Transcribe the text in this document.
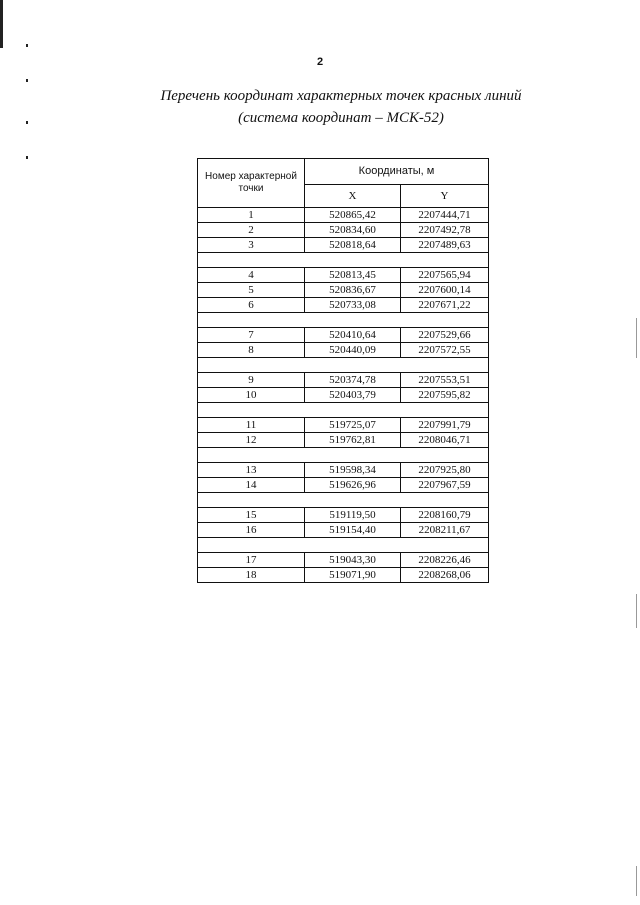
2
Перечень координат характерных точек красных линий
(система координат – МСК-52)
Номер характерной точки	Координаты, м	
	X	Y
1	520865,42	2207444,71
2	520834,60	2207492,78
3	520818,64	2207489,63

4	520813,45	2207565,94
5	520836,67	2207600,14
6	520733,08	2207671,22

7	520410,64	2207529,66
8	520440,09	2207572,55

9	520374,78	2207553,51
10	520403,79	2207595,82

11	519725,07	2207991,79
12	519762,81	2208046,71

13	519598,34	2207925,80
14	519626,96	2207967,59

15	519119,50	2208160,79
16	519154,40	2208211,67

17	519043,30	2208226,46
18	519071,90	2208268,06
